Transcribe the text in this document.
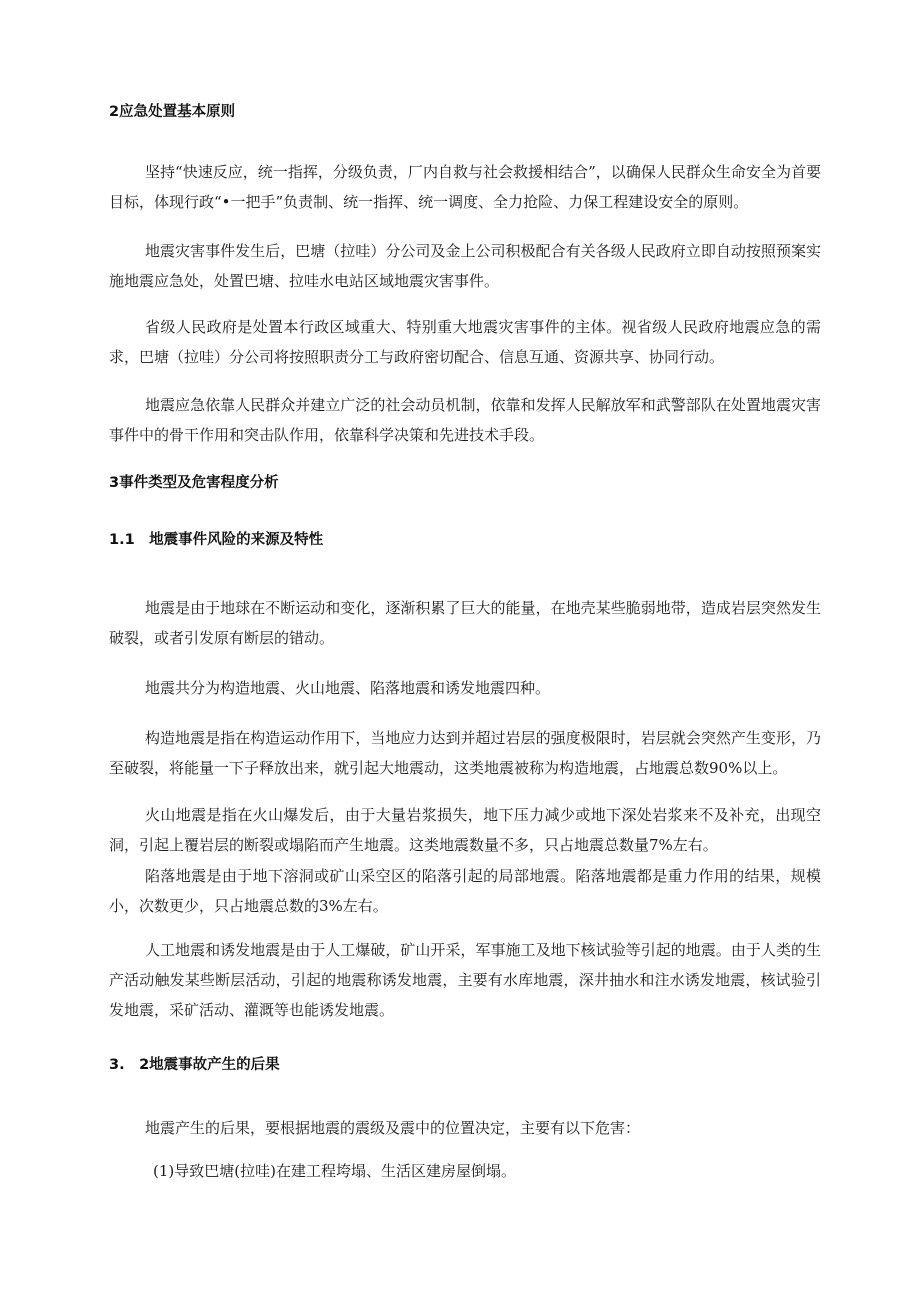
2应急处置基本原则

坚持“快速反应，统一指挥，分级负责，厂内自救与社会救援相结合”，以确保人民群众生命安全为首要目标，体现行政“•一把手”负责制、统一指挥、统一调度、全力抢险、力保工程建设安全的原则。

地震灾害事件发生后，巴塘（拉哇）分公司及金上公司积极配合有关各级人民政府立即自动按照预案实施地震应急处，处置巴塘、拉哇水电站区域地震灾害事件。

省级人民政府是处置本行政区域重大、特别重大地震灾害事件的主体。视省级人民政府地震应急的需求，巴塘（拉哇）分公司将按照职责分工与政府密切配合、信息互通、资源共享、协同行动。

地震应急依靠人民群众并建立广泛的社会动员机制，依靠和发挥人民解放军和武警部队在处置地震灾害事件中的骨干作用和突击队作用，依靠科学决策和先进技术手段。

3事件类型及危害程度分析
1.1　地震事件风险的来源及特性

地震是由于地球在不断运动和变化，逐渐积累了巨大的能量，在地壳某些脆弱地带，造成岩层突然发生破裂，或者引发原有断层的错动。

地震共分为构造地震、火山地震、陷落地震和诱发地震四种。

构造地震是指在构造运动作用下，当地应力达到并超过岩层的强度极限时，岩层就会突然产生变形，乃至破裂，将能量一下子释放出来，就引起大地震动，这类地震被称为构造地震，占地震总数90%以上。

火山地震是指在火山爆发后，由于大量岩浆损失，地下压力减少或地下深处岩浆来不及补充，出现空洞，引起上覆岩层的断裂或塌陷而产生地震。这类地震数量不多，只占地震总数量7%左右。

陷落地震是由于地下溶洞或矿山采空区的陷落引起的局部地震。陷落地震都是重力作用的结果，规模小，次数更少，只占地震总数的3%左右。

人工地震和诱发地震是由于人工爆破，矿山开采，军事施工及地下核试验等引起的地震。由于人类的生产活动触发某些断层活动，引起的地震称诱发地震，主要有水库地震，深井抽水和注水诱发地震，核试验引发地震，采矿活动、灌溉等也能诱发地震。

3.　2地震事故产生的后果

地震产生的后果，要根据地震的震级及震中的位置决定，主要有以下危害：

(1)导致巴塘(拉哇)在建工程垮塌、生活区建房屋倒塌。
